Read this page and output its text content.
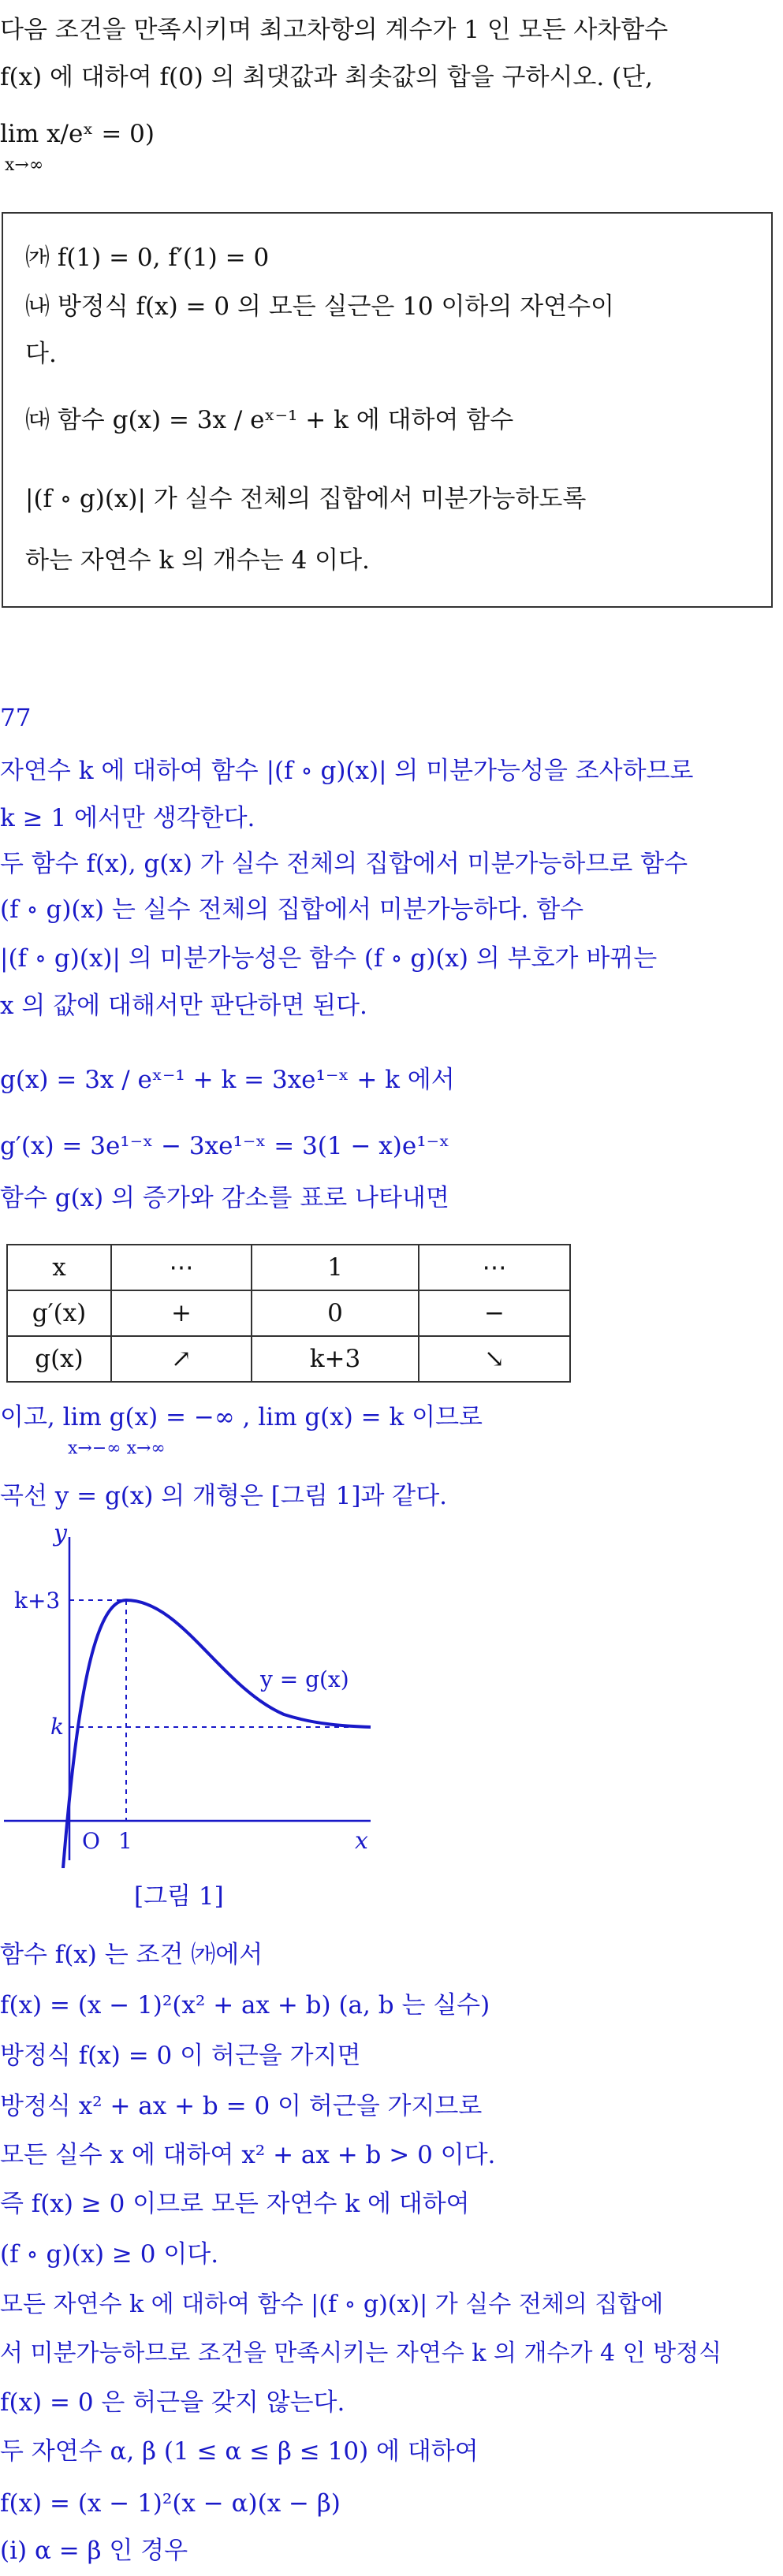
다음 조건을 만족시키며 최고차항의 계수가 1 인 모든 사차함수
f(x) 에 대하여 f(0) 의 최댓값과 최솟값의 합을 구하시오. (단,
lim x/eˣ = 0)
x→∞
㈎ f(1) = 0, f′(1) = 0
㈏ 방정식 f(x) = 0 의 모든 실근은 10 이하의 자연수이
다.
㈐ 함수 g(x) = 3x / eˣ⁻¹ + k 에 대하여 함수
|(f ∘ g)(x)| 가 실수 전체의 집합에서 미분가능하도록
하는 자연수 k 의 개수는 4 이다.
77
자연수 k 에 대하여 함수 |(f ∘ g)(x)| 의 미분가능성을 조사하므로
k ≥ 1 에서만 생각한다.
두 함수 f(x), g(x) 가 실수 전체의 집합에서 미분가능하므로 함수
(f ∘ g)(x) 는 실수 전체의 집합에서 미분가능하다. 함수
|(f ∘ g)(x)| 의 미분가능성은 함수 (f ∘ g)(x) 의 부호가 바뀌는
x 의 값에 대해서만 판단하면 된다.
g(x) = 3x / eˣ⁻¹ + k = 3xe¹⁻ˣ + k 에서
g′(x) = 3e¹⁻ˣ − 3xe¹⁻ˣ = 3(1 − x)e¹⁻ˣ
함수 g(x) 의 증가와 감소를 표로 나타내면
x	⋯	1	⋯
g′(x)	+	0	−
g(x)	↗	k+3	↘
이고, lim g(x) = −∞ , lim g(x) = k 이므로
x→−∞ x→∞
곡선 y = g(x) 의 개형은 [그림 1]과 같다.
y
x
O 1
k+3
k
y = g(x)
[그림 1]
함수 f(x) 는 조건 ㈎에서
f(x) = (x − 1)²(x² + ax + b) (a, b 는 실수)
방정식 f(x) = 0 이 허근을 가지면
방정식 x² + ax + b = 0 이 허근을 가지므로
모든 실수 x 에 대하여 x² + ax + b > 0 이다.
즉 f(x) ≥ 0 이므로 모든 자연수 k 에 대하여
(f ∘ g)(x) ≥ 0 이다.
모든 자연수 k 에 대하여 함수 |(f ∘ g)(x)| 가 실수 전체의 집합에
서 미분가능하므로 조건을 만족시키는 자연수 k 의 개수가 4 인 방정식
f(x) = 0 은 허근을 갖지 않는다.
두 자연수 α, β (1 ≤ α ≤ β ≤ 10) 에 대하여
f(x) = (x − 1)²(x − α)(x − β)
(ⅰ) α = β 인 경우
